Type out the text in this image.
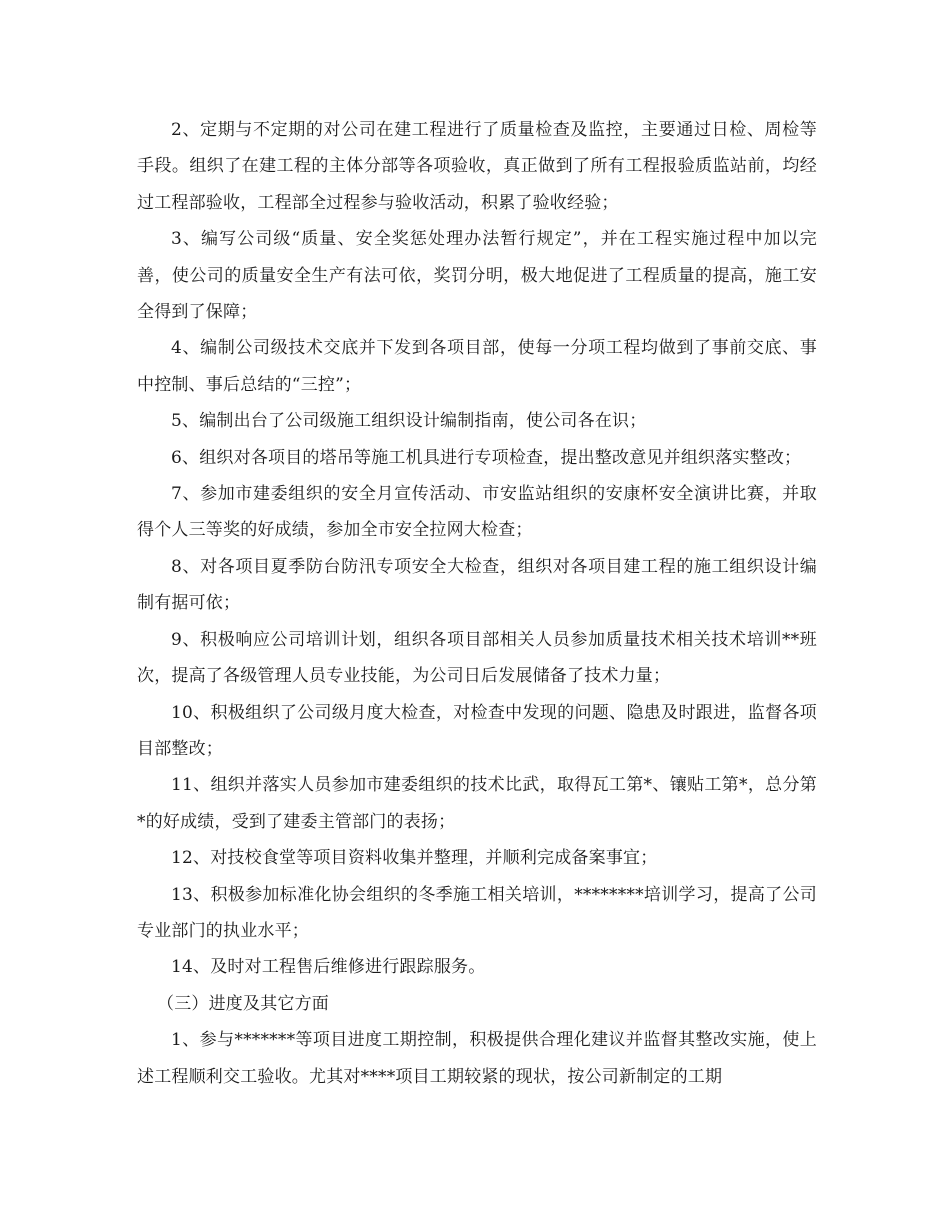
2、定期与不定期的对公司在建工程进行了质量检查及监控，主要通过日检、周检等手段。组织了在建工程的主体分部等各项验收，真正做到了所有工程报验质监站前，均经过工程部验收，工程部全过程参与验收活动，积累了验收经验；

3、编写公司级“质量、安全奖惩处理办法暂行规定”，并在工程实施过程中加以完善，使公司的质量安全生产有法可依，奖罚分明，极大地促进了工程质量的提高，施工安全得到了保障；

4、编制公司级技术交底并下发到各项目部，使每一分项工程均做到了事前交底、事中控制、事后总结的“三控”；

5、编制出台了公司级施工组织设计编制指南，使公司各在识；

6、组织对各项目的塔吊等施工机具进行专项检查，提出整改意见并组织落实整改；

7、参加市建委组织的安全月宣传活动、市安监站组织的安康杯安全演讲比赛，并取得个人三等奖的好成绩，参加全市安全拉网大检查；

8、对各项目夏季防台防汛专项安全大检查，组织对各项目建工程的施工组织设计编制有据可依；

9、积极响应公司培训计划，组织各项目部相关人员参加质量技术相关技术培训**班次，提高了各级管理人员专业技能，为公司日后发展储备了技术力量；

10、积极组织了公司级月度大检查，对检查中发现的问题、隐患及时跟进，监督各项目部整改；

11、组织并落实人员参加市建委组织的技术比武，取得瓦工第*、镶贴工第*，总分第*的好成绩，受到了建委主管部门的表扬；

12、对技校食堂等项目资料收集并整理，并顺利完成备案事宜；

13、积极参加标准化协会组织的冬季施工相关培训，********培训学习，提高了公司专业部门的执业水平；

14、及时对工程售后维修进行跟踪服务。

（三）进度及其它方面

1、参与*******等项目进度工期控制，积极提供合理化建议并监督其整改实施，使上述工程顺利交工验收。尤其对****项目工期较紧的现状，按公司新制定的工期
